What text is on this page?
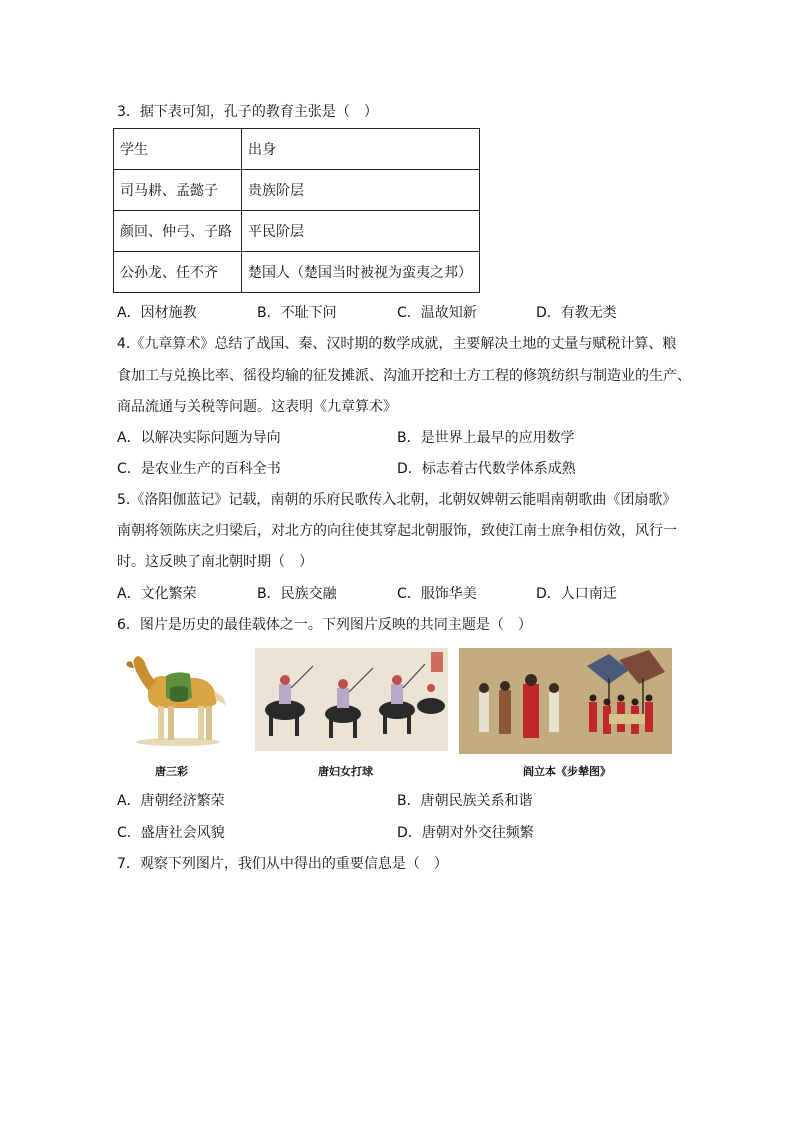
3．据下表可知，孔子的教育主张是（　）
学生	出身
司马耕、孟懿子	贵族阶层
颜回、仲弓、子路	平民阶层
公孙龙、任不齐	楚国人（楚国当时被视为蛮夷之邦）
A．因材施教	B．不耻下问	C．温故知新	D．有教无类
4.《九章算术》总结了战国、秦、汉时期的数学成就，主要解决土地的丈量与赋税计算、粮
食加工与兑换比率、徭役均输的征发摊派、沟洫开挖和土方工程的修筑纺织与制造业的生产、
商品流通与关税等问题。这表明《九章算术》
A．以解决实际问题为导向	B．是世界上最早的应用数学
C．是农业生产的百科全书	D．标志着古代数学体系成熟
5.《洛阳伽蓝记》记载，南朝的乐府民歌传入北朝，北朝奴婢朝云能唱南朝歌曲《团扇歌》
南朝将领陈庆之归梁后，对北方的向往使其穿起北朝服饰，致使江南士庶争相仿效，风行一
时。这反映了南北朝时期（　）
A．文化繁荣	B．民族交融	C．服饰华美	D．人口南迁
6．图片是历史的最佳载体之一。下列图片反映的共同主题是（　）
唐三彩	唐妇女打球	阎立本《步辇图》
A．唐朝经济繁荣	B．唐朝民族关系和谐
C．盛唐社会风貌	D．唐朝对外交往频繁
7．观察下列图片，我们从中得出的重要信息是（　）
